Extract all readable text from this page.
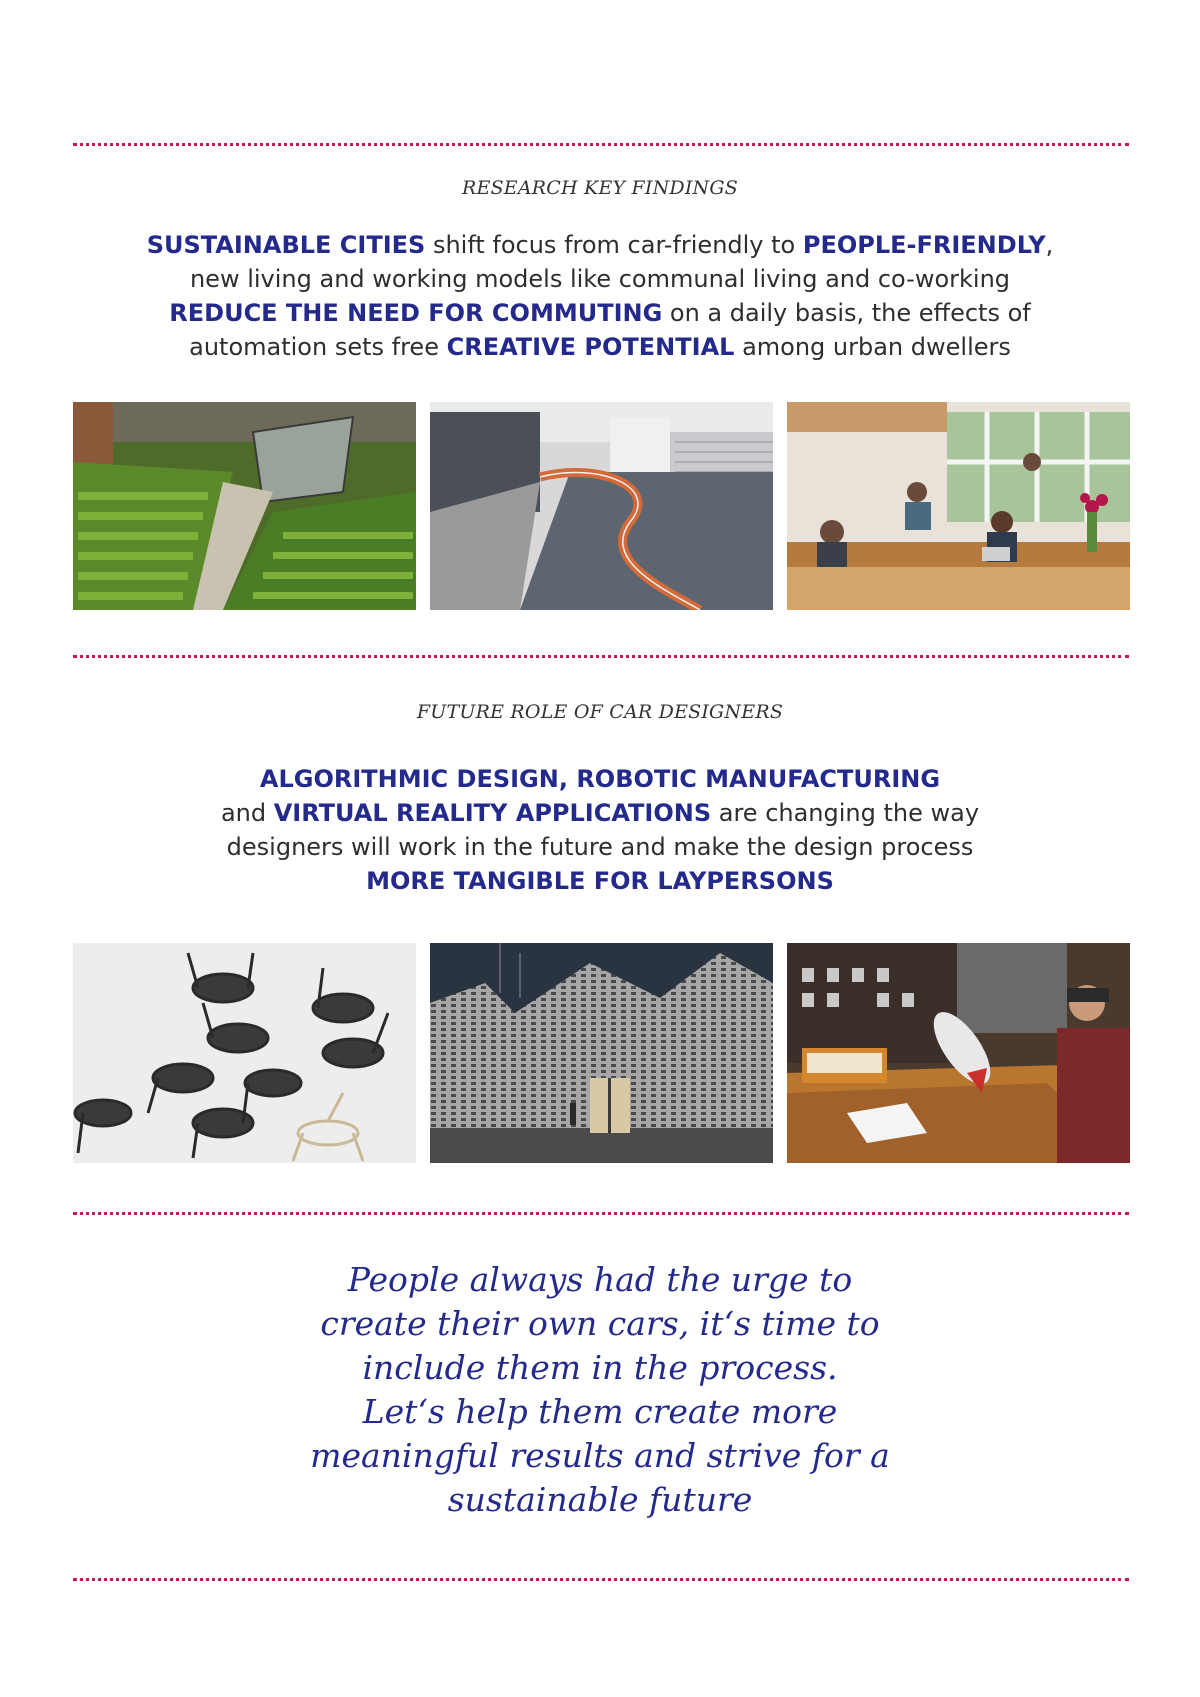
RESEARCH KEY FINDINGS
SUSTAINABLE CITIES shift focus from car-friendly to PEOPLE-FRIENDLY,
new living and working models like communal living and co-working
REDUCE THE NEED FOR COMMUTING on a daily basis, the effects of
automation sets free CREATIVE POTENTIAL among urban dwellers
FUTURE ROLE OF CAR DESIGNERS
ALGORITHMIC DESIGN, ROBOTIC MANUFACTURING
and VIRTUAL REALITY APPLICATIONS are changing the way
designers will work in the future and make the design process
MORE TANGIBLE FOR LAYPERSONS
People always had the urge to
create their own cars, it‘s time to
include them in the process.
Let‘s help them create more
meaningful results and strive for a
sustainable future
